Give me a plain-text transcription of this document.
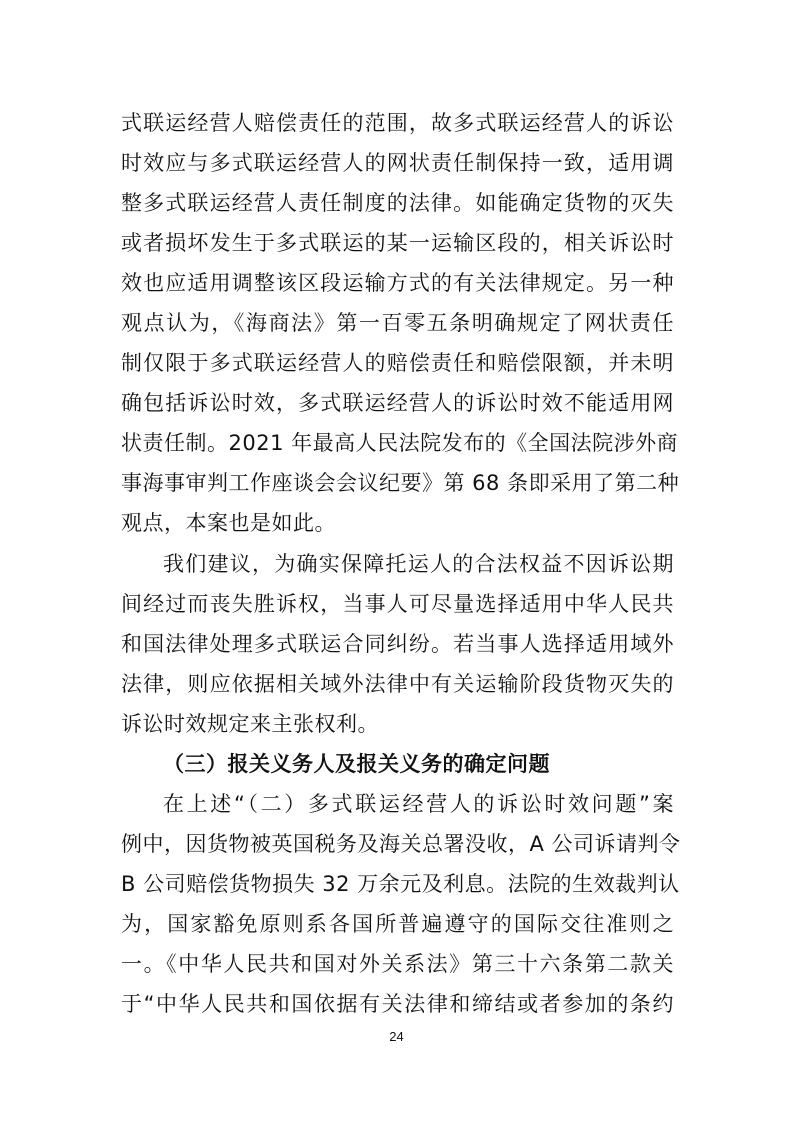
式联运经营人赔偿责任的范围，故多式联运经营人的诉讼
时效应与多式联运经营人的网状责任制保持一致，适用调
整多式联运经营人责任制度的法律。如能确定货物的灭失
或者损坏发生于多式联运的某一运输区段的，相关诉讼时
效也应适用调整该区段运输方式的有关法律规定。另一种
观点认为，《海商法》第一百零五条明确规定了网状责任
制仅限于多式联运经营人的赔偿责任和赔偿限额，并未明
确包括诉讼时效，多式联运经营人的诉讼时效不能适用网
状责任制。2021 年最高人民法院发布的《全国法院涉外商
事海事审判工作座谈会会议纪要》第 68 条即采用了第二种
观点，本案也是如此。
我们建议，为确实保障托运人的合法权益不因诉讼期
间经过而丧失胜诉权，当事人可尽量选择适用中华人民共
和国法律处理多式联运合同纠纷。若当事人选择适用域外
法律，则应依据相关域外法律中有关运输阶段货物灭失的
诉讼时效规定来主张权利。
（三）报关义务人及报关义务的确定问题
在上述“（二）多式联运经营人的诉讼时效问题”案
例中，因货物被英国税务及海关总署没收，A 公司诉请判令
B 公司赔偿货物损失 32 万余元及利息。法院的生效裁判认
为，国家豁免原则系各国所普遍遵守的国际交往准则之
一。《中华人民共和国对外关系法》第三十六条第二款关
于“中华人民共和国依据有关法律和缔结或者参加的条约
24
